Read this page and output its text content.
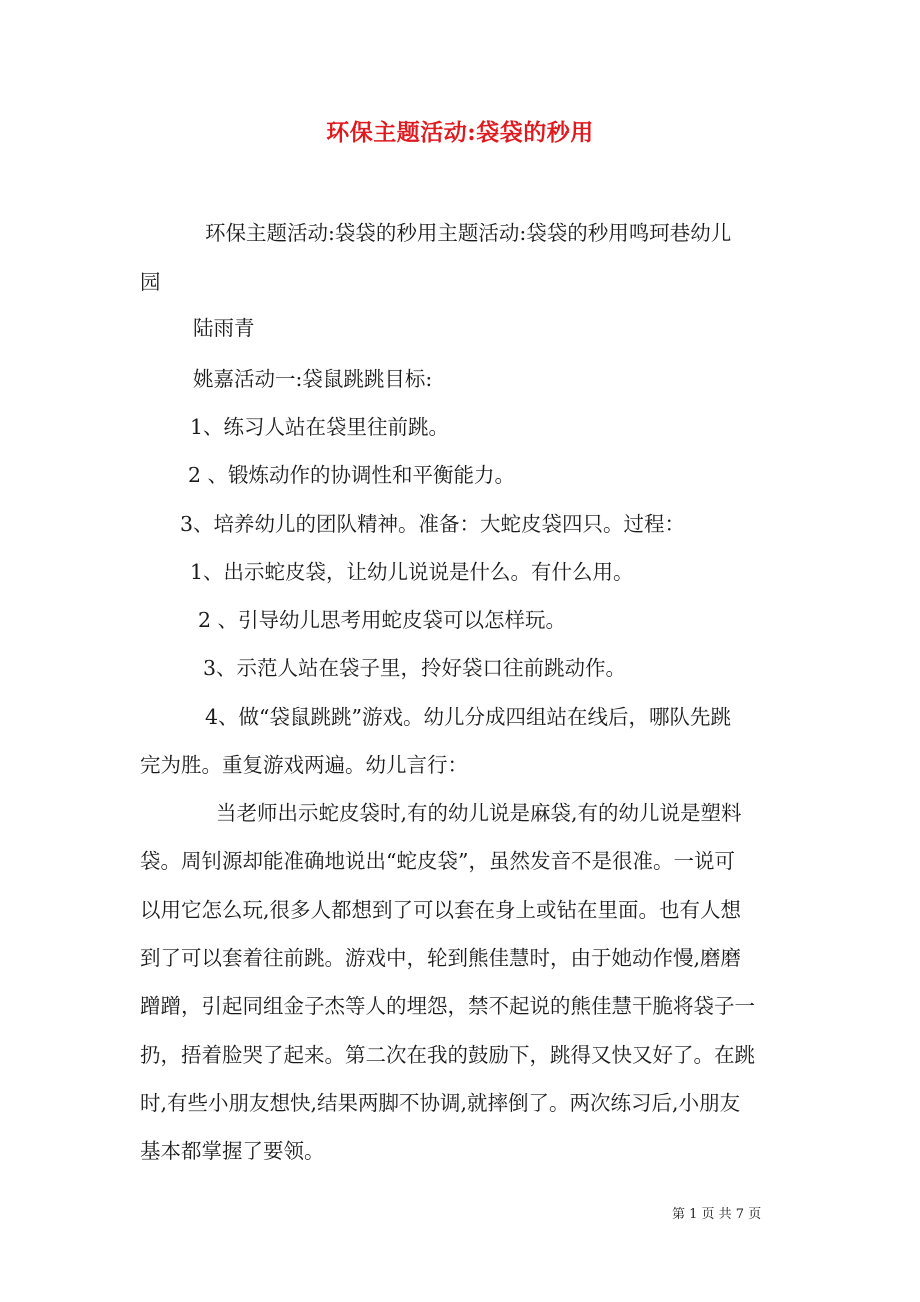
环保主题活动:袋袋的秒用
环保主题活动:袋袋的秒用主题活动:袋袋的秒用鸣珂巷幼儿
园
陆雨青
姚嘉活动一:袋鼠跳跳目标:
1、练习人站在袋里往前跳。
2 、锻炼动作的协调性和平衡能力。
3、培养幼儿的团队精神。准备：大蛇皮袋四只。过程：
1、出示蛇皮袋，让幼儿说说是什么。有什么用。
2 、引导幼儿思考用蛇皮袋可以怎样玩。
3、示范人站在袋子里，拎好袋口往前跳动作。
4、做“袋鼠跳跳”游戏。幼儿分成四组站在线后，哪队先跳
完为胜。重复游戏两遍。幼儿言行：
当老师出示蛇皮袋时,有的幼儿说是麻袋,有的幼儿说是塑料
袋。周钊源却能准确地说出“蛇皮袋”，虽然发音不是很准。一说可
以用它怎么玩,很多人都想到了可以套在身上或钻在里面。也有人想
到了可以套着往前跳。游戏中，轮到熊佳慧时，由于她动作慢,磨磨
蹭蹭，引起同组金子杰等人的埋怨，禁不起说的熊佳慧干脆将袋子一
扔，捂着脸哭了起来。第二次在我的鼓励下，跳得又快又好了。在跳
时,有些小朋友想快,结果两脚不协调,就摔倒了。两次练习后,小朋友
基本都掌握了要领。
第 1 页 共 7 页
